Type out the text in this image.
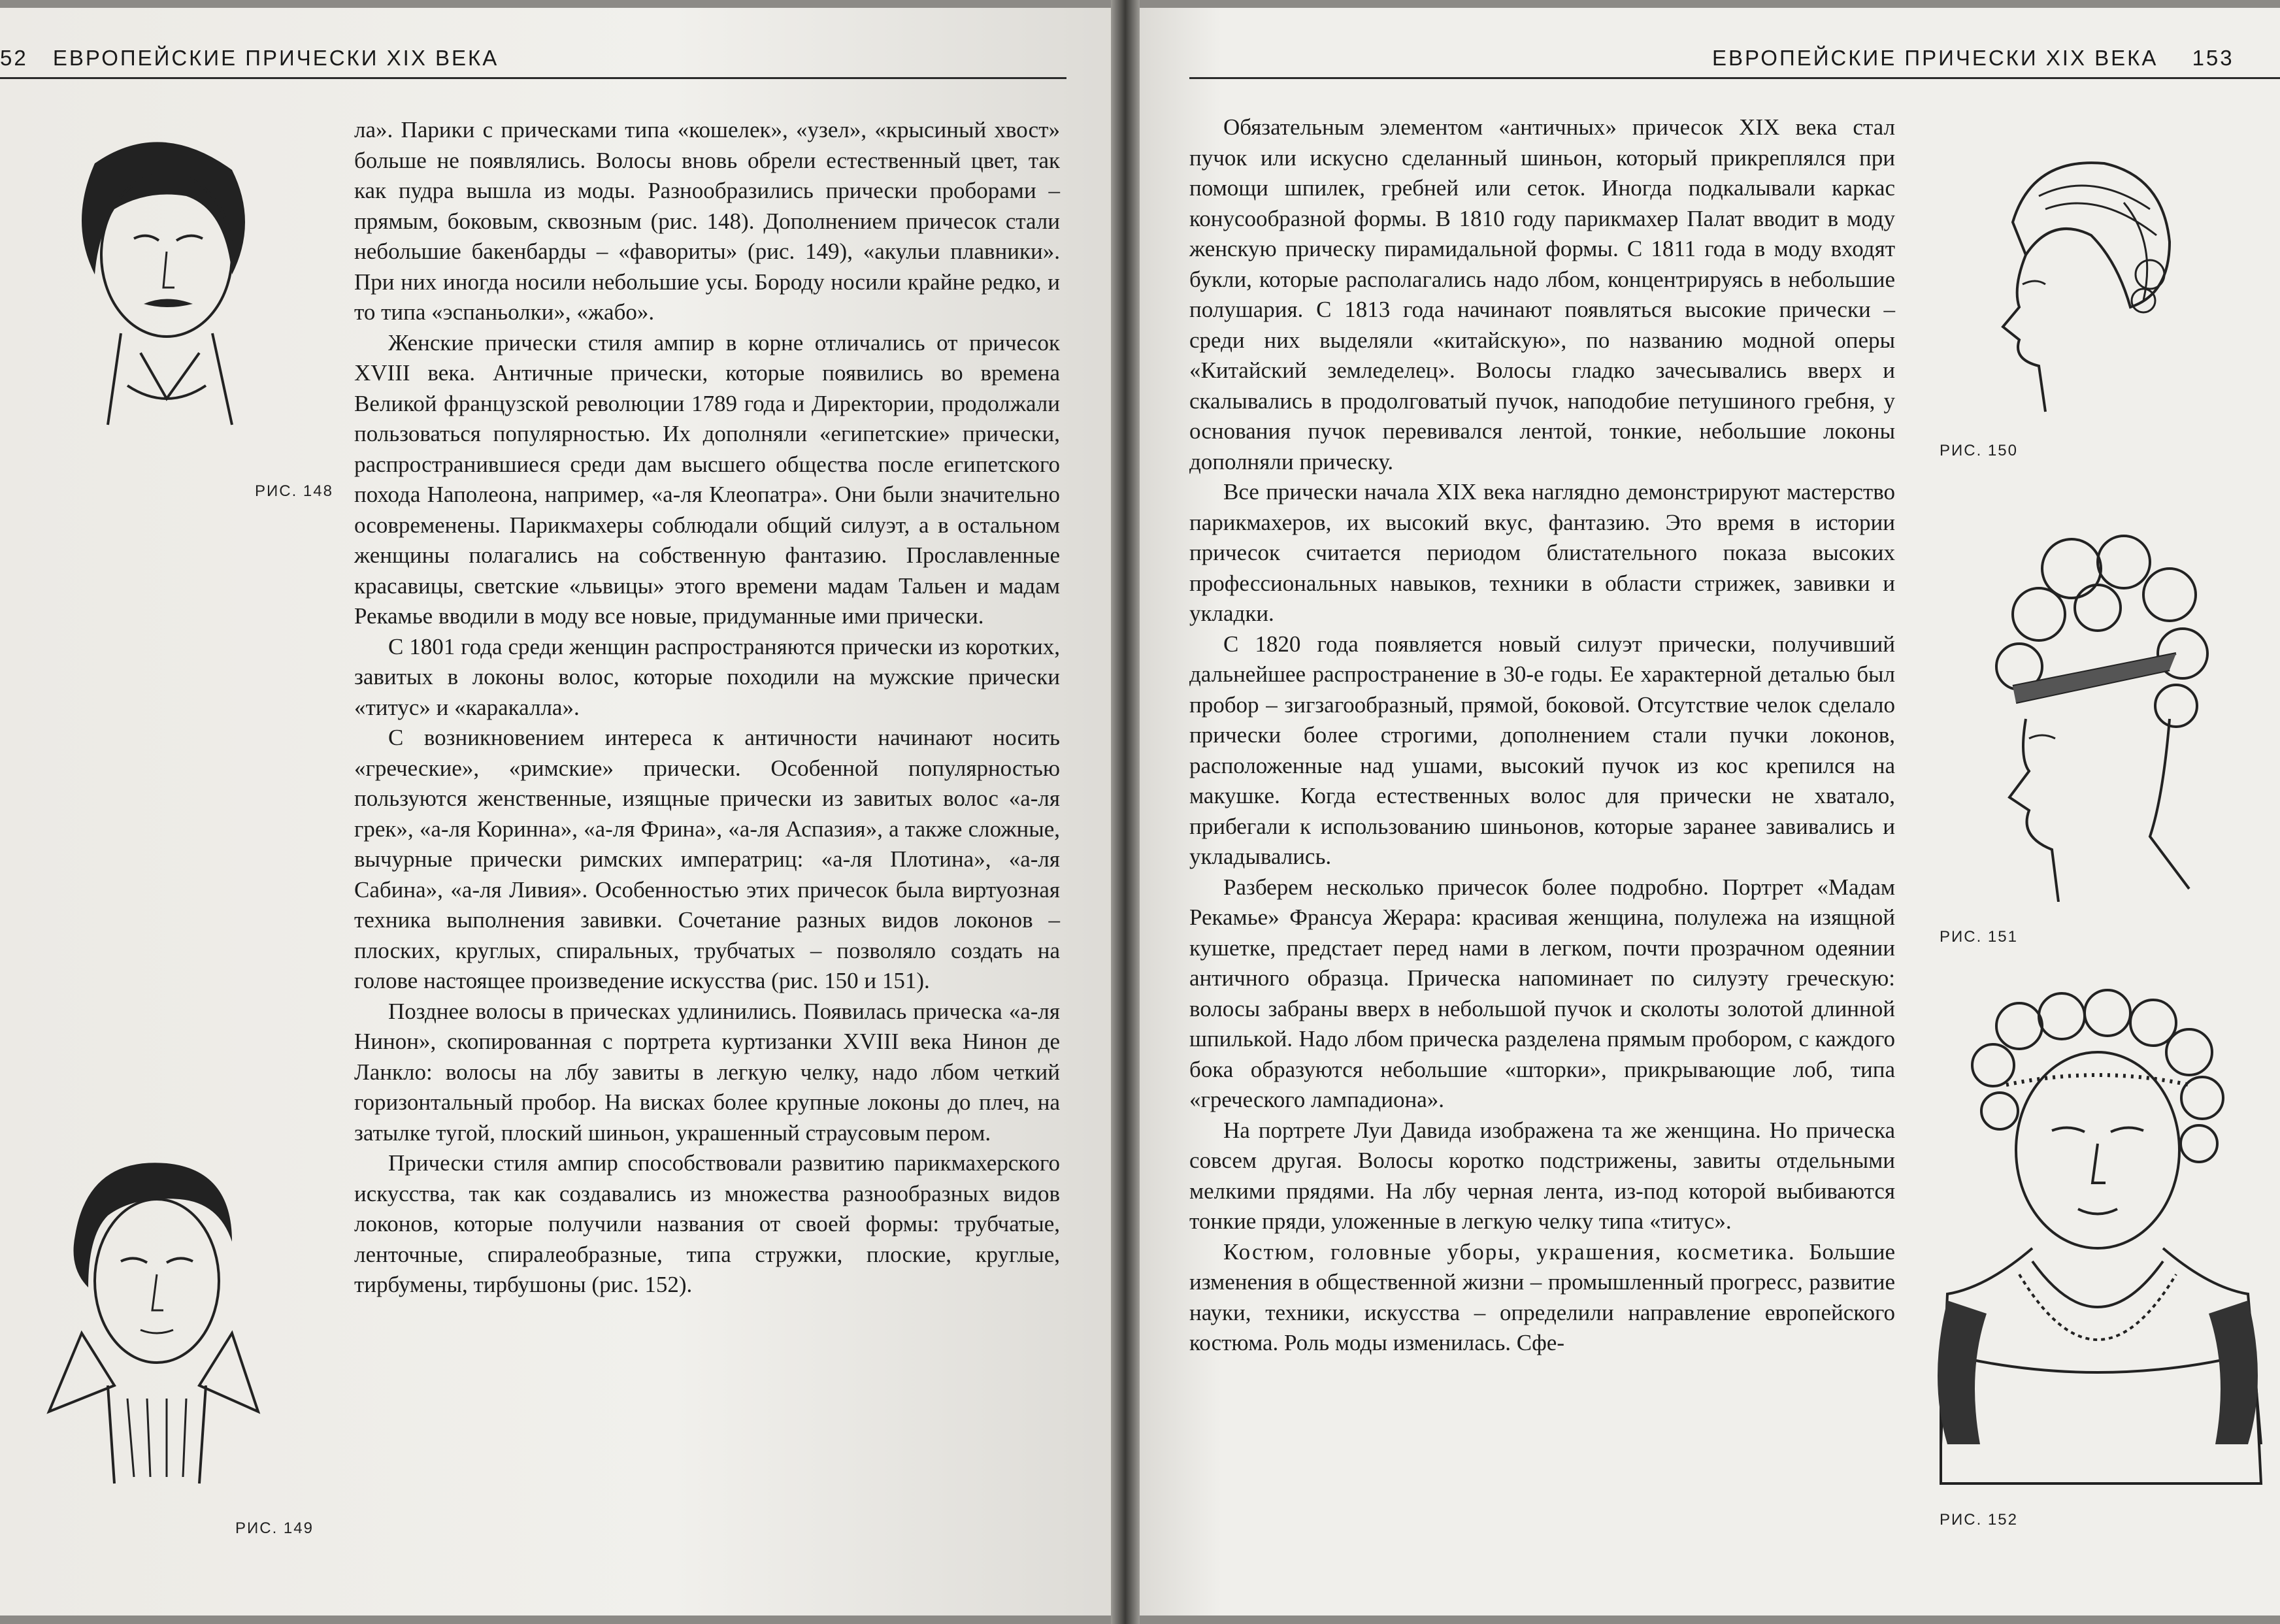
52 ЕВРОПЕЙСКИЕ ПРИЧЕСКИ XIX ВЕКА
РИС. 148
РИС. 149

ла». Парики с прическами типа «кошелек», «узел», «крысиный хвост» больше не появлялись. Волосы вновь обрели естественный цвет, так как пудра вышла из моды. Разнообразились прически проборами – прямым, боковым, сквозным (рис. 148). Дополнением причесок стали небольшие бакенбарды – «фавориты» (рис. 149), «акульи плавники». При них иногда носили небольшие усы. Бороду носили крайне редко, и то типа «эспаньолки», «жабо».

Женские прически стиля ампир в корне отличались от причесок XVIII века. Античные прически, которые появились во времена Великой французской революции 1789 года и Директории, продолжали пользоваться популярностью. Их дополняли «египетские» прически, распространившиеся среди дам высшего общества после египетского похода Наполеона, например, «а-ля Клеопатра». Они были значительно осовременены. Парикмахеры соблюдали общий силуэт, а в остальном женщины полагались на собственную фантазию. Прославленные красавицы, светские «львицы» этого времени мадам Тальен и мадам Рекамье вводили в моду все новые, придуманные ими прически.

С 1801 года среди женщин распространяются прически из коротких, завитых в локоны волос, которые походили на мужские прически «титус» и «каракалла».

С возникновением интереса к античности начинают носить «греческие», «римские» прически. Особенной популярностью пользуются женственные, изящные прически из завитых волос «а-ля грек», «а-ля Коринна», «а-ля Фрина», «а-ля Аспазия», а также сложные, вычурные прически римских императриц: «а-ля Плотина», «а-ля Сабина», «а-ля Ливия». Особенностью этих причесок была виртуозная техника выполнения завивки. Сочетание разных видов локонов – плоских, круглых, спиральных, трубчатых – позволяло создать на голове настоящее произведение искусства (рис. 150 и 151).

Позднее волосы в прическах удлинились. Появилась прическа «а-ля Нинон», скопированная с портрета куртизанки XVIII века Нинон де Ланкло: волосы на лбу завиты в легкую челку, надо лбом четкий горизонтальный пробор. На висках более крупные локоны до плеч, на затылке тугой, плоский шиньон, украшенный страусовым пером.

Прически стиля ампир способствовали развитию парикмахерского искусства, так как создавались из множества разнообразных видов локонов, которые получили названия от своей формы: трубчатые, ленточные, спиралеобразные, типа стружки, плоские, круглые, тирбумены, тирбушоны (рис. 152).

ЕВРОПЕЙСКИЕ ПРИЧЕСКИ XIX ВЕКА 153

Обязательным элементом «античных» причесок XIX века стал пучок или искусно сделанный шиньон, который прикреплялся при помощи шпилек, гребней или сеток. Иногда подкалывали каркас конусообразной формы. В 1810 году парикмахер Палат вводит в моду женскую прическу пирамидальной формы. С 1811 года в моду входят букли, которые располагались надо лбом, концентрируясь в небольшие полушария. С 1813 года начинают появляться высокие прически – среди них выделяли «китайскую», по названию модной оперы «Китайский земледелец». Волосы гладко зачесывались вверх и скалывались в продолговатый пучок, наподобие петушиного гребня, у основания пучок перевивался лентой, тонкие, небольшие локоны дополняли прическу.

Все прически начала XIX века наглядно демонстрируют мастерство парикмахеров, их высокий вкус, фантазию. Это время в истории причесок считается периодом блистательного показа высоких профессиональных навыков, техники в области стрижек, завивки и укладки.

С 1820 года появляется новый силуэт прически, получивший дальнейшее распространение в 30-е годы. Ее характерной деталью был пробор – зигзагообразный, прямой, боковой. Отсутствие челок сделало прически более строгими, дополнением стали пучки локонов, расположенные над ушами, высокий пучок из кос крепился на макушке. Когда естественных волос для прически не хватало, прибегали к использованию шиньонов, которые заранее завивались и укладывались.

Разберем несколько причесок более подробно. Портрет «Мадам Рекамье» Франсуа Жерара: красивая женщина, полулежа на изящной кушетке, предстает перед нами в легком, почти прозрачном одеянии античного образца. Прическа напоминает по силуэту греческую: волосы забраны вверх в небольшой пучок и сколоты золотой длинной шпилькой. Надо лбом прическа разделена прямым пробором, с каждого бока образуются небольшие «шторки», прикрывающие лоб, типа «греческого лампадиона».

На портрете Луи Давида изображена та же женщина. Но прическа совсем другая. Волосы коротко подстрижены, завиты отдельными мелкими прядями. На лбу черная лента, из-под которой выбиваются тонкие пряди, уложенные в легкую челку типа «титус».

Костюм, головные уборы, украшения, косметика. Большие изменения в общественной жизни – промышленный прогресс, развитие науки, техники, искусства – определили направление европейского костюма. Роль моды изменилась. Сфе-

РИС. 150
РИС. 151
РИС. 152
